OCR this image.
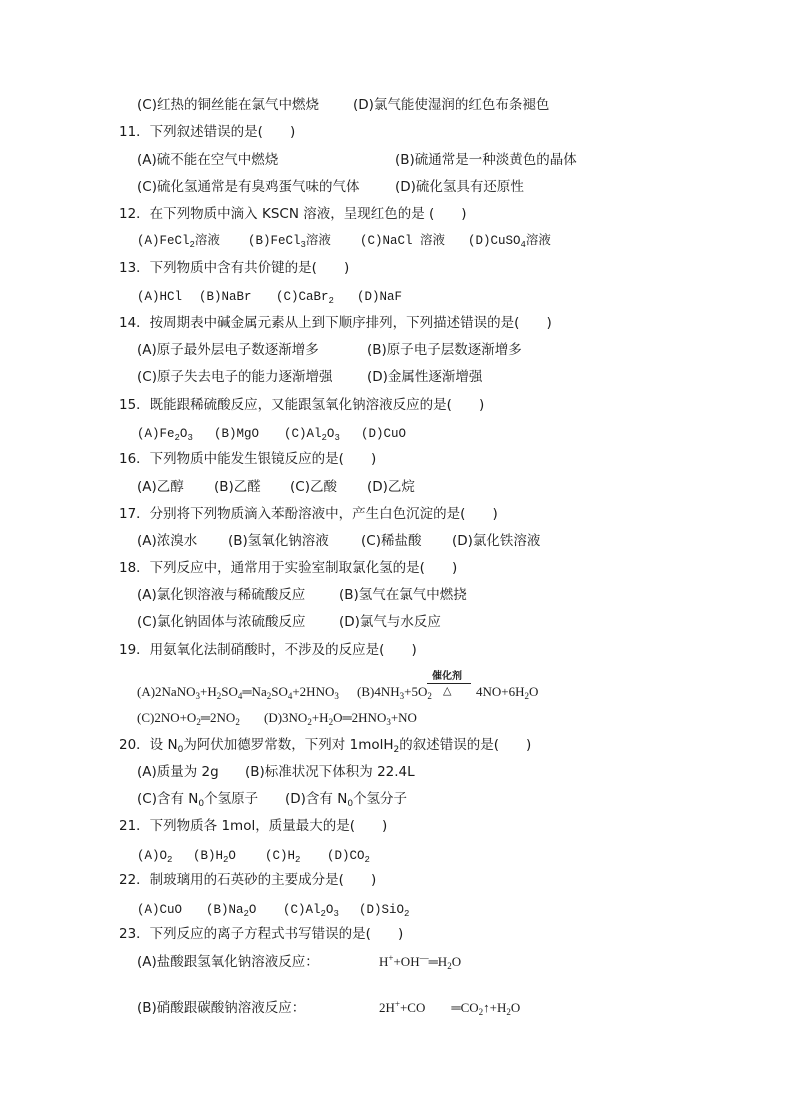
(C)红热的铜丝能在氯气中燃烧	(D)氯气能使湿润的红色布条褪色
11．下列叙述错误的是(　　)
(A)硫不能在空气中燃烧	(B)硫通常是一种淡黄色的晶体
(C)硫化氢通常是有臭鸡蛋气味的气体	(D)硫化氢具有还原性
12．在下列物质中滴入 KSCN 溶液，呈现红色的是 (　　)
(A)FeCl$_2$溶液 (B)FeCl$_3$溶液 (C)NaCl 溶液 (D)CuSO$_4$溶液
13．下列物质中含有共价键的是(　　)
(A)HCl (B)NaBr (C)CaBr$_2$ (D)NaF
14．按周期表中碱金属元素从上到下顺序排列，下列描述错误的是(　　)
(A)原子最外层电子数逐渐增多	(B)原子电子层数逐渐增多
(C)原子失去电子的能力逐渐增强	(D)金属性逐渐增强
15．既能跟稀硫酸反应，又能跟氢氧化钠溶液反应的是(　　)
$(A)Fe_2O_3$ (B)MgO $(C)Al_2O_3$ (D)CuO
16．下列物质中能发生银镜反应的是(　　)
(A)乙醇 (B)乙醛 (C)乙酸 (D)乙烷
17．分别将下列物质滴入苯酚溶液中，产生白色沉淀的是(　　)
(A)浓溴水 (B)氢氧化钠溶液 (C)稀盐酸 (D)氯化铁溶液
18．下列反应中，通常用于实验室制取氯化氢的是(　　)
(A)氯化钡溶液与稀硫酸反应 (B)氢气在氯气中燃挠
(C)氯化钠固体与浓硫酸反应 (D)氯气与水反应
19．用氨氧化法制硝酸时，不涉及的反应是(　　)
$(A)2NaNO_3+H_2SO_4═Na_2SO_4+2HNO_3$ $(B)4NH_3+5O_2$
催化剂
△ $4NO+6H_2O$
$(C)2NO+O_2═2NO_2$ $(D)3NO_2+H_2O═2HNO_3+NO$
20．设 $N_0$为阿伏加德罗常数，下列对 1molH$_2$的叙述错误的是(　　)
(A)质量为 2g (B)标准状况下体积为 22.4L
(C)含有 $N_0$个氢原子 (D)含有 $N_0$个氢分子
21．下列物质各 1mol，质量最大的是(　　)
$(A)O_2$ $(B)H_2O$ $(C)H_2$ $(D)CO_2$
22．制玻璃用的石英砂的主要成分是(　　)
(A)CuO $(B)Na_2O$ $(C)Al_2O_3$ (D)SiO$_2$
23．下列反应的离子方程式书写错误的是(　　)
(A)盐酸跟氢氧化钠溶液反应：	$H^++OH^—═H_2O$
(B)硝酸跟碳酸钠溶液反应：	2H++CO $═CO_2↑+H_2O$
